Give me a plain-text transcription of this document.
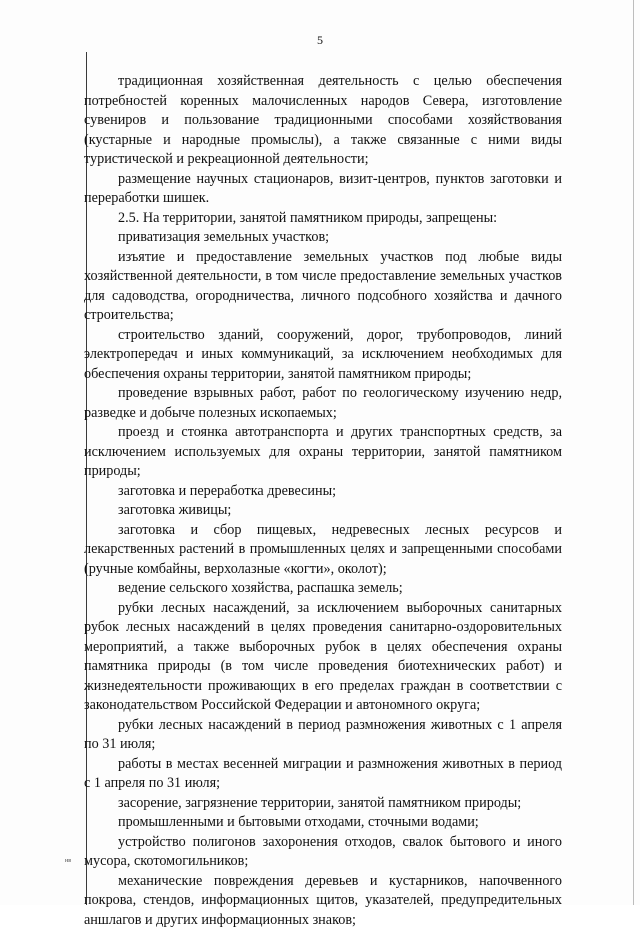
5

традиционная хозяйственная деятельность с целью обеспечения потребностей коренных малочисленных народов Севера, изготовление сувениров и пользование традиционными способами хозяйствования (кустарные и народные промыслы), а также связанные с ними виды туристической и рекреационной деятельности;

размещение научных стационаров, визит-центров, пунктов заготовки и переработки шишек.

2.5. На территории, занятой памятником природы, запрещены:

приватизация земельных участков;

изъятие и предоставление земельных участков под любые виды хозяйственной деятельности, в том числе предоставление земельных участков для садоводства, огородничества, личного подсобного хозяйства и дачного строительства;

строительство зданий, сооружений, дорог, трубопроводов, линий электропередач и иных коммуникаций, за исключением необходимых для обеспечения охраны территории, занятой памятником природы;

проведение взрывных работ, работ по геологическому изучению недр, разведке и добыче полезных ископаемых;

проезд и стоянка автотранспорта и других транспортных средств, за исключением используемых для охраны территории, занятой памятником природы;

заготовка и переработка древесины;

заготовка живицы;

заготовка и сбор пищевых, недревесных лесных ресурсов и лекарственных растений в промышленных целях и запрещенными способами (ручные комбайны, верхолазные «когти», околот);

ведение сельского хозяйства, распашка земель;

рубки лесных насаждений, за исключением выборочных санитарных рубок лесных насаждений в целях проведения санитарно-оздоровительных мероприятий, а также выборочных рубок в целях обеспечения охраны памятника природы (в том числе проведения биотехнических работ) и жизнедеятельности проживающих в его пределах граждан в соответствии с законодательством Российской Федерации и автономного округа;

рубки лесных насаждений в период размножения животных с 1 апреля по 31 июля;

работы в местах весенней миграции и размножения животных в период с 1 апреля по 31 июля;

засорение, загрязнение территории, занятой памятником природы;

промышленными и бытовыми отходами, сточными водами;

устройство полигонов захоронения отходов, свалок бытового и иного мусора, скотомогильников;

механические повреждения деревьев и кустарников, напочвенного покрова, стендов, информационных щитов, указателей, предупредительных аншлагов и других информационных знаков;

нв
